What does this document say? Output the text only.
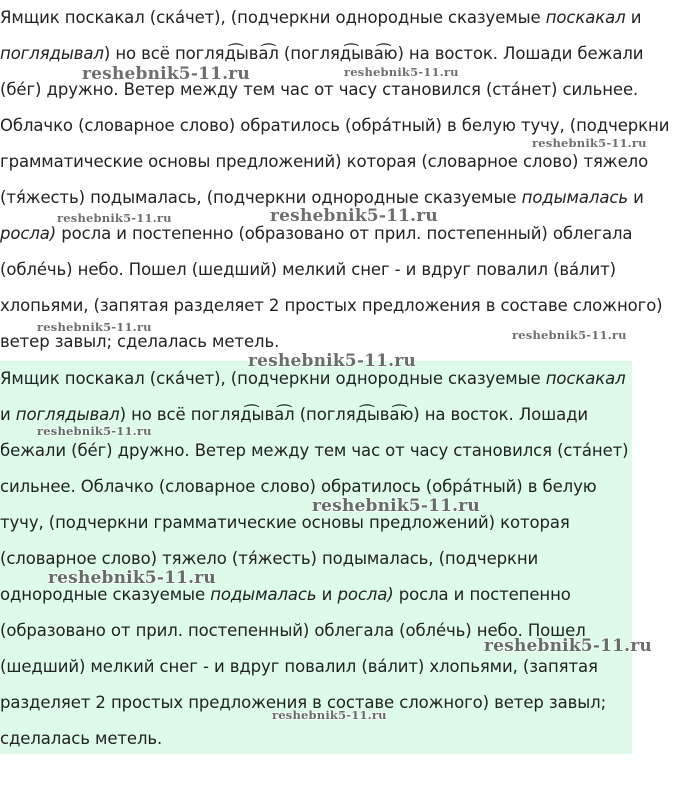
Ямщик поскакал (ска́чет), (подчеркни однородные сказуемые поскакал и поглядывал) но всё погляд͡ыва͡л (погляд͡ыва͡ю) на восток. Лошади бежали (бе́г) дружно. Ветер между тем час от часу становился (ста́нет) сильнее. Облачко (словарное слово) обратилось (обра́тный) в белую тучу, (подчеркни грамматические основы предложений) которая (словарное слово) тяжело (тя́жесть) подымалась, (подчеркни однородные сказуемые подымалась и росла) росла и постепенно (образовано от прил. постепенный) облегала (обле́чь) небо. Пошел (шедший) мелкий снег - и вдруг повалил (ва́лит) хлопьями, (запятая разделяет 2 простых предложения в составе сложного) ветер завыл; сделалась метель.

Ямщик поскакал (ска́чет), (подчеркни однородные сказуемые поскакал и поглядывал) но всё погляд͡ыва͡л (погляд͡ыва͡ю) на восток. Лошади бежали (бе́г) дружно. Ветер между тем час от часу становился (ста́нет) сильнее. Облачко (словарное слово) обратилось (обра́тный) в белую тучу, (подчеркни грамматические основы предложений) которая (словарное слово) тяжело (тя́жесть) подымалась, (подчеркни однородные сказуемые подымалась и росла) росла и постепенно (образовано от прил. постепенный) облегала (обле́чь) небо. Пошел (шедший) мелкий снег - и вдруг повалил (ва́лит) хлопьями, (запятая разделяет 2 простых предложения в составе сложного) ветер завыл; сделалась метель.

reshebnik5-11.ru	reshebnik5-11.ru
reshebnik5-11.ru
reshebnik5-11.ru	reshebnik5-11.ru
reshebnik5-11.ru
reshebnik5-11.ru
reshebnik5-11.ru
reshebnik5-11.ru
reshebnik5-11.ru
reshebnik5-11.ru
reshebnik5-11.ru
reshebnik5-11.ru
